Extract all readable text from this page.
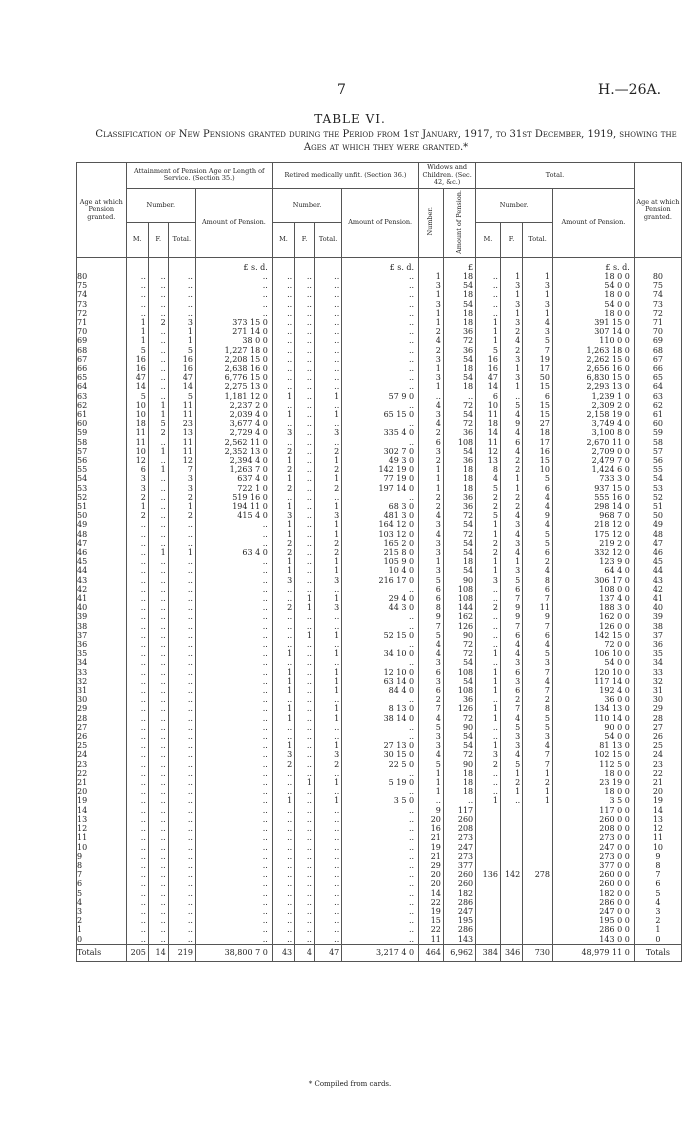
7	H.—26A.
TABLE VI.
Classification of New Pensions granted during the Period from 1st January, 1917, to 31st December, 1919, showing the Ages at which they were granted.*
Age at which Pension granted.	Attainment of Pension Age or Length of Service. (Section 35.)				Retired medically unfit. (Section 36.)				Widows and Children. (Sec. 42, &c.)		Total.				Age at which Pension granted.
	Number.			Amount of Pension.	Number.			Amount of Pension.	Number.	Amount of Pension.	Number.			Amount of Pension.	
	M.	F.	Total.		M.	F.	Total.				M.	F.	Total.		
				£ s. d.				£ s. d.		£				£ s. d.	
80	..	..	..	..	..	..	..	..	1	18	..	1	1	18 0 0	80
75	..	..	..	..	..	..	..	..	3	54	..	3	3	54 0 0	75
74	..	..	..	..	..	..	..	..	1	18	..	1	1	18 0 0	74
73	..	..	..	..	..	..	..	..	3	54	..	3	3	54 0 0	73
72	..	..	..	..	..	..	..	..	1	18	..	1	1	18 0 0	72
71	1	2	3	373 15 0	..	..	..	..	1	18	1	3	4	391 15 0	71
70	1	..	1	271 14 0	..	..	..	..	2	36	1	2	3	307 14 0	70
69	1	..	1	38 0 0	..	..	..	..	4	72	1	4	5	110 0 0	69
68	5	..	5	1,227 18 0	..	..	..	..	2	36	5	2	7	1,263 18 0	68
67	16	..	16	2,208 15 0	..	..	..	..	3	54	16	3	19	2,262 15 0	67
66	16	..	16	2,638 16 0	..	..	..	..	1	18	16	1	17	2,656 16 0	66
65	47	..	47	6,776 15 0	..	..	..	..	3	54	47	3	50	6,830 15 0	65
64	14	..	14	2,275 13 0	..	..	..	..	1	18	14	1	15	2,293 13 0	64
63	5	..	5	1,181 12 0	1	..	1	57 9 0	..	..	6	..	6	1,239 1 0	63
62	10	1	11	2,237 2 0	..	..	..	..	4	72	10	5	15	2,309 2 0	62
61	10	1	11	2,039 4 0	1	..	1	65 15 0	3	54	11	4	15	2,158 19 0	61
60	18	5	23	3,677 4 0	..	..	..	..	4	72	18	9	27	3,749 4 0	60
59	11	2	13	2,729 4 0	3	..	3	335 4 0	2	36	14	4	18	3,100 8 0	59
58	11	..	11	2,562 11 0	..	..	..	..	6	108	11	6	17	2,670 11 0	58
57	10	1	11	2,352 13 0	2	..	2	302 7 0	3	54	12	4	16	2,709 0 0	57
56	12	..	12	2,394 4 0	1	..	1	49 3 0	2	36	13	2	15	2,479 7 0	56
55	6	1	7	1,263 7 0	2	..	2	142 19 0	1	18	8	2	10	1,424 6 0	55
54	3	..	3	637 4 0	1	..	1	77 19 0	1	18	4	1	5	733 3 0	54
53	3	..	3	722 1 0	2	..	2	197 14 0	1	18	5	1	6	937 15 0	53
52	2	..	2	519 16 0	..	..	..	..	2	36	2	2	4	555 16 0	52
51	1	..	1	194 11 0	1	..	1	68 3 0	2	36	2	2	4	298 14 0	51
50	2	..	2	415 4 0	3	..	3	481 3 0	4	72	5	4	9	968 7 0	50
49	..	..	..	..	1	..	1	164 12 0	3	54	1	3	4	218 12 0	49
48	..	..	..	..	1	..	1	103 12 0	4	72	1	4	5	175 12 0	48
47	..	..	..	..	2	..	2	165 2 0	3	54	2	3	5	219 2 0	47
46	..	1	1	63 4 0	2	..	2	215 8 0	3	54	2	4	6	332 12 0	46
45	..	..	..	..	1	..	1	105 9 0	1	18	1	1	2	123 9 0	45
44	..	..	..	..	1	..	1	10 4 0	3	54	1	3	4	64 4 0	44
43	..	..	..	..	3	..	3	216 17 0	5	90	3	5	8	306 17 0	43
42	..	..	..	..	..	..	..	..	6	108	..	6	6	108 0 0	42
41	..	..	..	..	..	1	1	29 4 0	6	108	..	7	7	137 4 0	41
40	..	..	..	..	2	1	3	44 3 0	8	144	2	9	11	188 3 0	40
39	..	..	..	..	..	..	..	..	9	162	..	9	9	162 0 0	39
38	..	..	..	..	..	..	..	..	7	126	..	7	7	126 0 0	38
37	..	..	..	..	..	1	1	52 15 0	5	90	..	6	6	142 15 0	37
36	..	..	..	..	..	..	..	..	4	72	..	4	4	72 0 0	36
35	..	..	..	..	1	..	1	34 10 0	4	72	1	4	5	106 10 0	35
34	..	..	..	..	..	..	..	..	3	54	..	3	3	54 0 0	34
33	..	..	..	..	1	..	1	12 10 0	6	108	1	6	7	120 10 0	33
32	..	..	..	..	1	..	1	63 14 0	3	54	1	3	4	117 14 0	32
31	..	..	..	..	1	..	1	84 4 0	6	108	1	6	7	192 4 0	31
30	..	..	..	..	..	..	..	..	2	36	..	2	2	36 0 0	30
29	..	..	..	..	1	..	1	8 13 0	7	126	1	7	8	134 13 0	29
28	..	..	..	..	1	..	1	38 14 0	4	72	1	4	5	110 14 0	28
27	..	..	..	..	..	..	..	..	5	90	..	5	5	90 0 0	27
26	..	..	..	..	..	..	..	..	3	54	..	3	3	54 0 0	26
25	..	..	..	..	1	..	1	27 13 0	3	54	1	3	4	81 13 0	25
24	..	..	..	..	3	..	3	30 15 0	4	72	3	4	7	102 15 0	24
23	..	..	..	..	2	..	2	22 5 0	5	90	2	5	7	112 5 0	23
22	..	..	..	..	..	..	..	..	1	18	..	1	1	18 0 0	22
21	..	..	..	..	..	1	1	5 19 0	1	18	..	2	2	23 19 0	21
20	..	..	..	..	..	..	..	..	1	18	..	1	1	18 0 0	20
19	..	..	..	..	1	..	1	3 5 0	..	..	1	..	1	3 5 0	19
14	..	..	..	..	..	..	..	..	9	117				117 0 0	14
13	..	..	..	..	..	..	..	..	20	260				260 0 0	13
12	..	..	..	..	..	..	..	..	16	208				208 0 0	12
11	..	..	..	..	..	..	..	..	21	273				273 0 0	11
10	..	..	..	..	..	..	..	..	19	247				247 0 0	10
9	..	..	..	..	..	..	..	..	21	273				273 0 0	9
8	..	..	..	..	..	..	..	..	29	377				377 0 0	8
7	..	..	..	..	..	..	..	..	20	260	136	142	278	260 0 0	7
6	..	..	..	..	..	..	..	..	20	260				260 0 0	6
5	..	..	..	..	..	..	..	..	14	182				182 0 0	5
4	..	..	..	..	..	..	..	..	22	286				286 0 0	4
3	..	..	..	..	..	..	..	..	19	247				247 0 0	3
2	..	..	..	..	..	..	..	..	15	195				195 0 0	2
1	..	..	..	..	..	..	..	..	22	286				286 0 0	1
0	..	..	..	..	..	..	..	..	11	143				143 0 0	0
Totals	205	14	219	38,800 7 0	43	4	47	3,217 4 0	464	6,962	384	346	730	48,979 11 0	Totals
* Compiled from cards.
